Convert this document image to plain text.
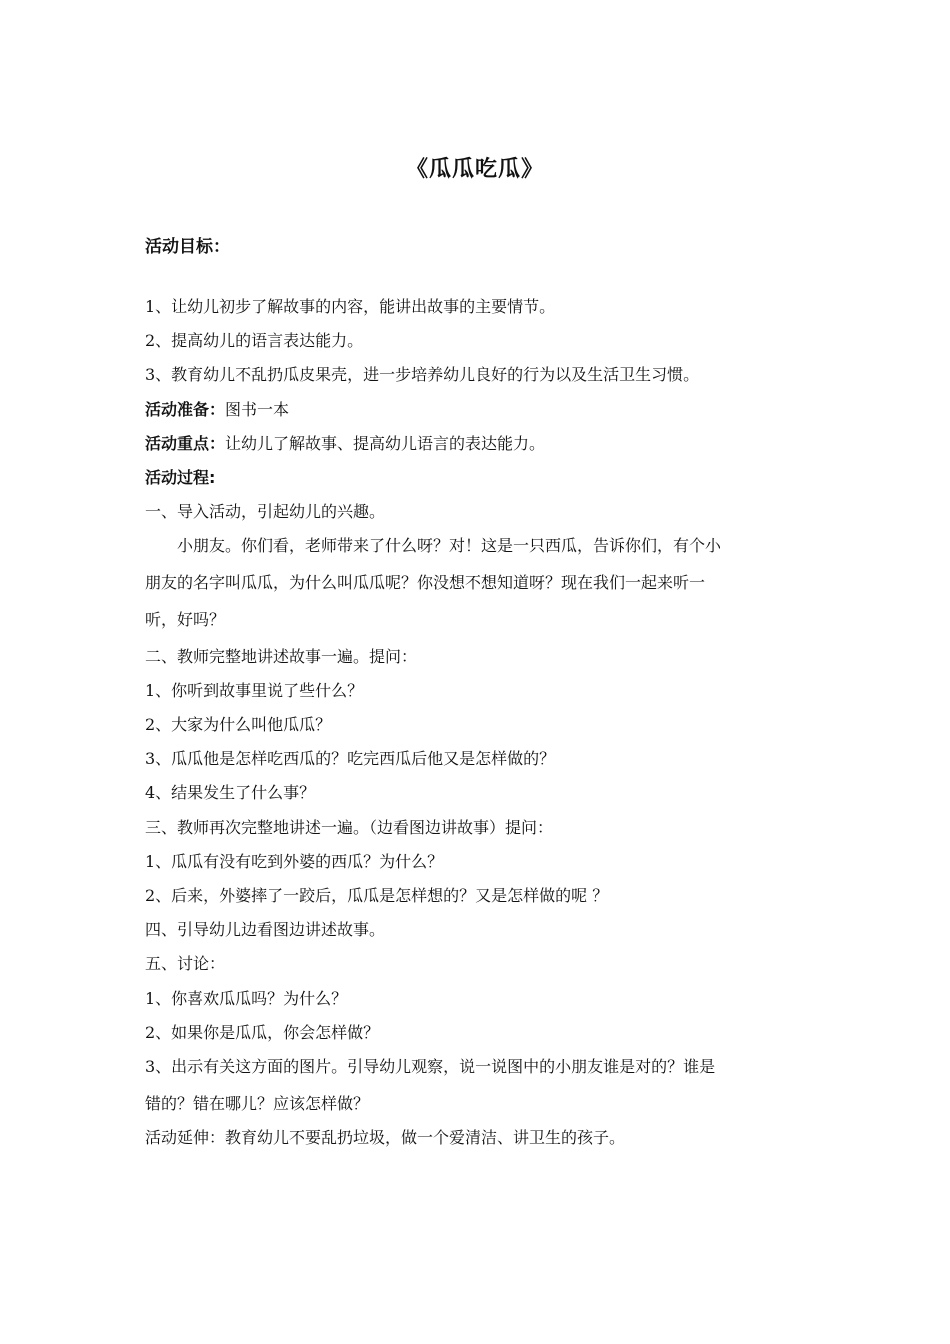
《瓜瓜吃瓜》
活动目标：
1、让幼儿初步了解故事的内容，能讲出故事的主要情节。
2、提高幼儿的语言表达能力。
3、教育幼儿不乱扔瓜皮果壳，进一步培养幼儿良好的行为以及生活卫生习惯。
活动准备：图书一本
活动重点：让幼儿了解故事、提高幼儿语言的表达能力。
活动过程:
一、导入活动，引起幼儿的兴趣。
小朋友。你们看，老师带来了什么呀？对！这是一只西瓜，告诉你们，有个小
朋友的名字叫瓜瓜，为什么叫瓜瓜呢？你没想不想知道呀？现在我们一起来听一
听，好吗？
二、教师完整地讲述故事一遍。提问：
1、你听到故事里说了些什么？
2、大家为什么叫他瓜瓜？
3、瓜瓜他是怎样吃西瓜的？吃完西瓜后他又是怎样做的？
4、结果发生了什么事？
三、教师再次完整地讲述一遍。（边看图边讲故事）提问：
1、瓜瓜有没有吃到外婆的西瓜？为什么？
2、后来，外婆摔了一跤后，瓜瓜是怎样想的？又是怎样做的呢 ？
四、引导幼儿边看图边讲述故事。
五、讨论：
1、你喜欢瓜瓜吗？为什么？
2、如果你是瓜瓜，你会怎样做？
3、出示有关这方面的图片。引导幼儿观察，说一说图中的小朋友谁是对的？谁是
错的？错在哪儿？应该怎样做？
活动延伸：教育幼儿不要乱扔垃圾，做一个爱清洁、讲卫生的孩子。
